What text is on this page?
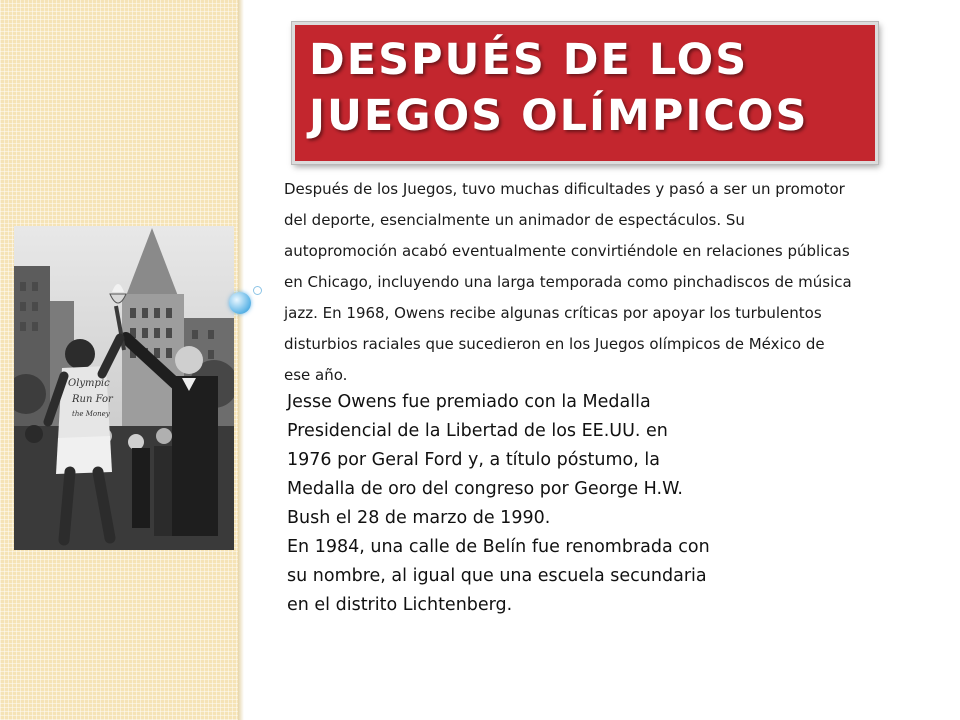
DESPUÉS DE LOS
JUEGOS OLÍMPICOS
Olympic
Run For
the Money

Después de los Juegos, tuvo muchas dificultades y pasó a ser un promotor
del deporte, esencialmente un animador de espectáculos. Su
autopromoción acabó eventualmente convirtiéndole en relaciones públicas
en Chicago, incluyendo una larga temporada como pinchadiscos de música
jazz. En 1968, Owens recibe algunas críticas por apoyar los turbulentos
disturbios raciales que sucedieron en los Juegos olímpicos de México de
ese año.

Jesse Owens fue premiado con la Medalla
Presidencial de la Libertad de los EE.UU. en
1976 por Geral Ford y, a título póstumo, la
Medalla de oro del congreso por George H.W.
Bush el 28 de marzo de 1990.
En 1984, una calle de Belín fue renombrada con
su nombre, al igual que una escuela secundaria
en el distrito Lichtenberg.
